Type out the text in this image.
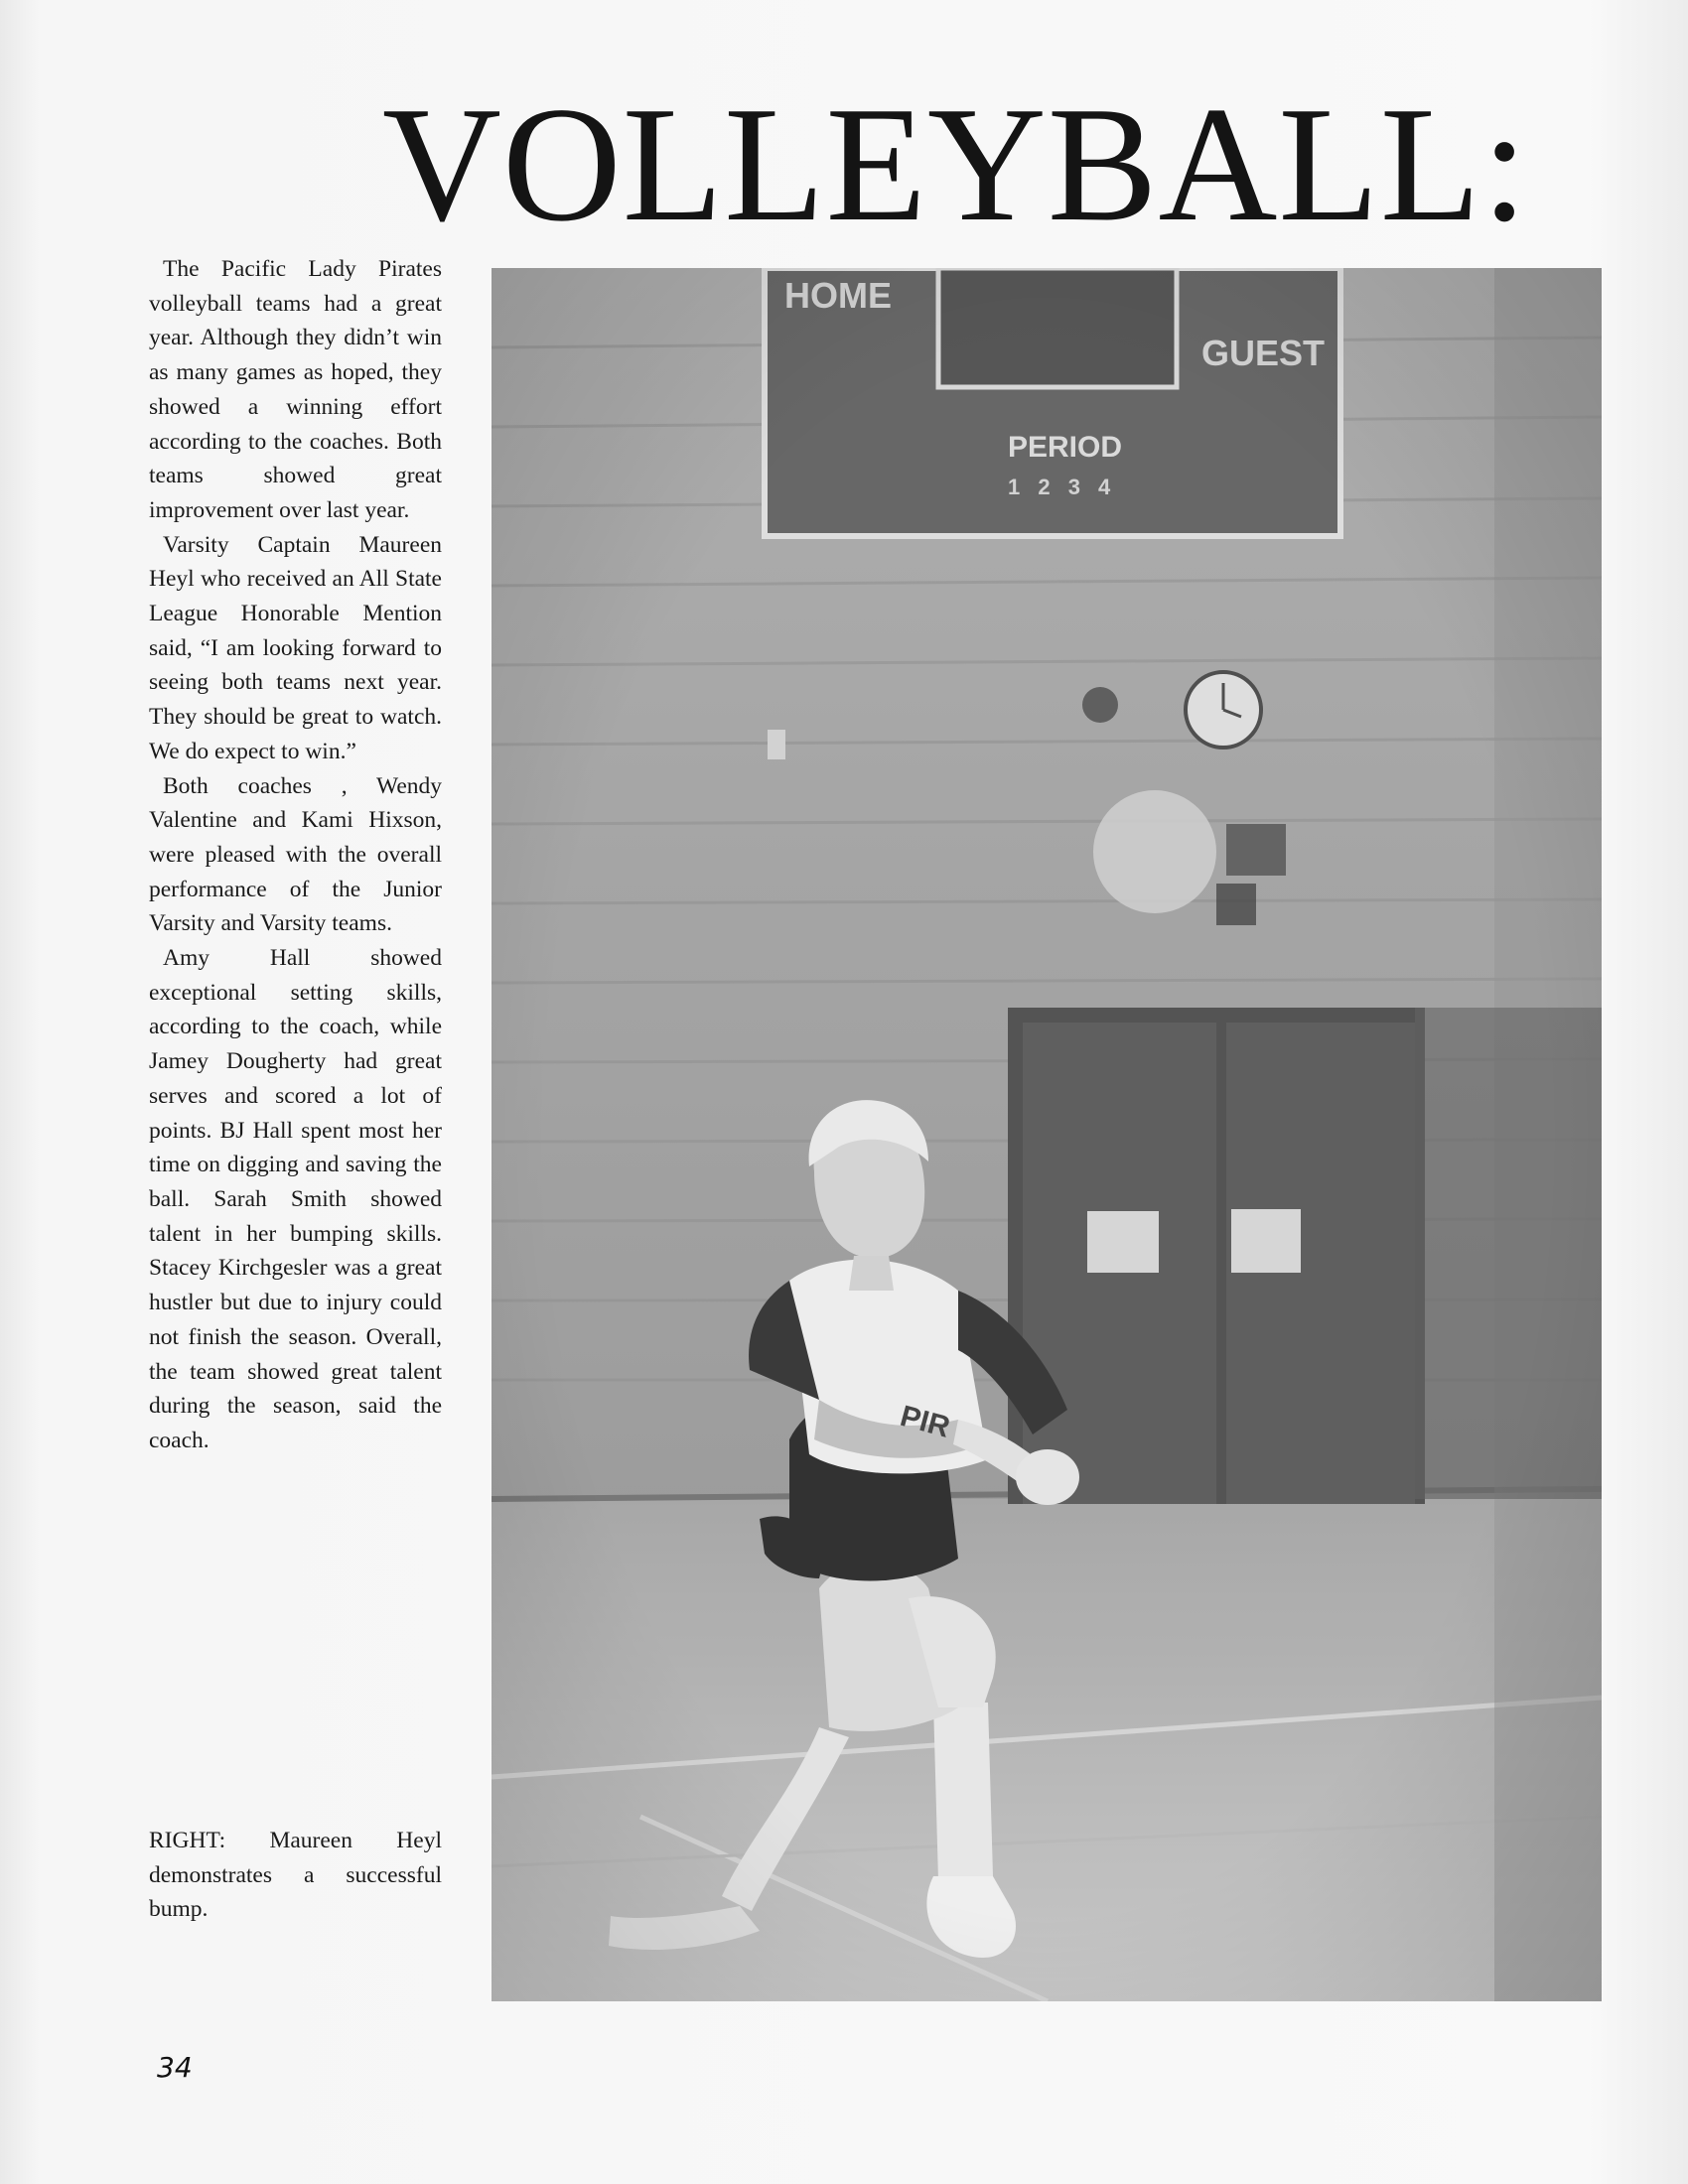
VOLLEYBALL:

The Pacific Lady Pirates volleyball teams had a great year. Although they didn’t win as many games as hoped, they showed a winning effort according to the coaches. Both teams showed great improvement over last year.

Varsity Captain Maureen Heyl who received an All State League Honorable Mention said, “I am looking forward to seeing both teams next year. They should be great to watch. We do expect to win.”

Both coaches , Wendy Valentine and Kami Hixson, were pleased with the overall performance of the Junior Varsity and Varsity teams.

Amy Hall showed exceptional setting skills, according to the coach, while Jamey Dougherty had great serves and scored a lot of points. BJ Hall spent most her time on digging and saving the ball. Sarah Smith showed talent in her bumping skills. Stacey Kirchgesler was a great hustler but due to injury could not finish the season. Overall, the team showed great talent during the season, said the coach.

RIGHT: Maureen Heyl demonstrates a successful bump.

34
